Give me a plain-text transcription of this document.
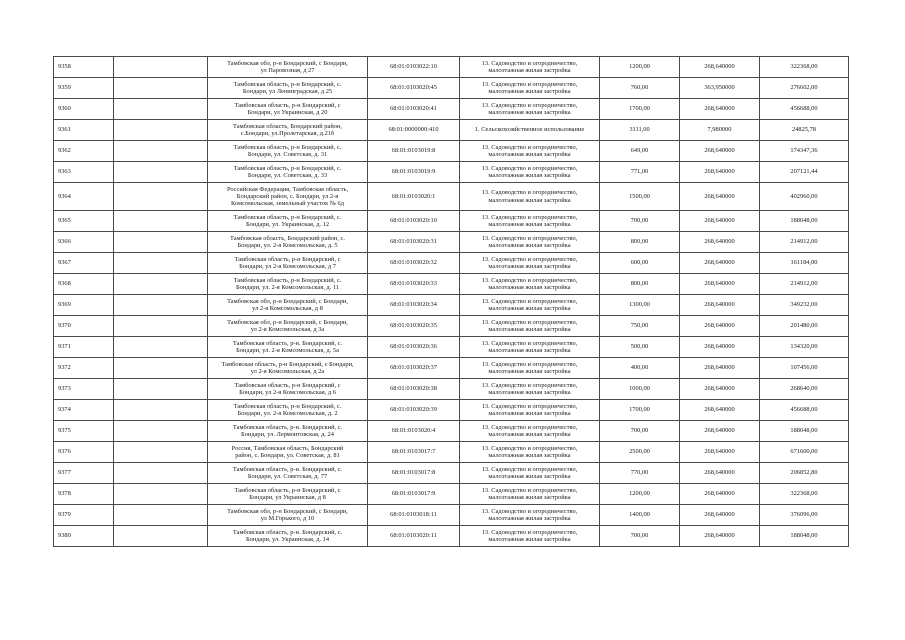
9358		Тамбовская обл, р-н Бондарский, с Бондари,
ул Паровозная, д 27	68:01:0103022:10	13. Садоводство и огородничество,
малоэтажная жилая застройка	1200,00	268,640000	322368,00
9359		Тамбовская область, р-н Бондарский, с.
Бондари, ул Ленинградская, д 25	68:01:0103020:45	13. Садоводство и огородничество,
малоэтажная жилая застройка	760,00	363,950000	276602,00
9360		Тамбовская область, р-н Бондарский, с
Бондари, ул Украинская, д 20	68:01:0103020:41	13. Садоводство и огородничество,
малоэтажная жилая застройка	1700,00	268,640000	456688,00
9361		Тамбовская область, Бондарский район,
с.Бондари, ул.Пролетарская, д.21б	68:01:0000000:410	1. Сельскохозяйственное использование	3111,00	7,980000	24825,78
9362		Тамбовская область, р-н Бондарский, с.
Бондари, ул. Советская, д. 31	68:01:0103019:8	13. Садоводство и огородничество,
малоэтажная жилая застройка	649,00	268,640000	174347,36
9363		Тамбовская область, р-н Бондарский, с.
Бондари, ул. Советская, д. 33	68:01:0103019:9	13. Садоводство и огородничество,
малоэтажная жилая застройка	771,00	268,640000	207121,44
9364		Российская Федерация, Тамбовская область,
Бондарский район, с. Бондари, ул 2-я
Комсомольская, земельный участок № 6д	68:01:0103020:1	13. Садоводство и огородничество,
малоэтажная жилая застройка	1500,00	268,640000	402960,00
9365		Тамбовская область, р-н Бондарский, с.
Бондари, ул. Украинская, д. 12	68:01:0103020:10	13. Садоводство и огородничество,
малоэтажная жилая застройка	700,00	268,640000	188048,00
9366		Тамбовская область, Бондарский район, с.
Бондари, ул. 2-я Комсомольская, д. 5	68:01:0103020:31	13. Садоводство и огородничество,
малоэтажная жилая застройка	800,00	268,640000	214912,00
9367		Тамбовская область, р-н Бондарский, с
Бондари, ул 2-я Комсомольская, д 7	68:01:0103020:32	13. Садоводство и огородничество,
малоэтажная жилая застройка	600,00	268,640000	161184,00
9368		Тамбовская область, р-н Бондарский, с.
Бондари, ул. 2-я Комсомольская, д. 11	68:01:0103020:33	13. Садоводство и огородничество,
малоэтажная жилая застройка	800,00	268,640000	214912,00
9369		Тамбовская обл, р-н Бондарский, с Бондари,
ул 2-я Комсомольская, д 8	68:01:0103020:34	13. Садоводство и огородничество,
малоэтажная жилая застройка	1300,00	268,640000	349232,00
9370		Тамбовская обл, р-н Бондарский, с Бондари,
ул 2-я Комсомольская, д 3а	68:01:0103020:35	13. Садоводство и огородничество,
малоэтажная жилая застройка	750,00	268,640000	201480,00
9371		Тамбовская область, р-н. Бондарский, с.
Бондари, ул. 2-я Комсомольская, д. 5а	68:01:0103020:36	13. Садоводство и огородничество,
малоэтажная жилая застройка	500,00	268,640000	134320,00
9372		Тамбовская область, р-н Бондарский, с Бондари,
ул 2-я Комсомольская, д 2а	68:01:0103020:37	13. Садоводство и огородничество,
малоэтажная жилая застройка	400,00	268,640000	107456,00
9373		Тамбовская область, р-н Бондарский, с
Бондари, ул 2-я Комсомольская, д 6	68:01:0103020:38	13. Садоводство и огородничество,
малоэтажная жилая застройка	1000,00	268,640000	268640,00
9374		Тамбовская область, р-н Бондарский, с.
Бондари, ул. 2-я Комсомольская, д. 2	68:01:0103020:39	13. Садоводство и огородничество,
малоэтажная жилая застройка	1700,00	268,640000	456688,00
9375		Тамбовская область, р-н. Бондарский, с.
Бондари, ул. Лермонтовская, д. 24	68:01:0103020:4	13. Садоводство и огородничество,
малоэтажная жилая застройка	700,00	268,640000	188048,00
9376		Россия, Тамбовская область, Бондарский
район, с. Бондари, ул. Советская, д. 81	68:01:0103017:7	13. Садоводство и огородничество,
малоэтажная жилая застройка	2500,00	268,640000	671600,00
9377		Тамбовская область, р-н. Бондарский, с.
Бондари, ул. Советская, д. 77	68:01:0103017:8	13. Садоводство и огородничество,
малоэтажная жилая застройка	770,00	268,640000	206852,80
9378		Тамбовская область, р-н Бондарский, с
Бондари, ул Украинская, д 8	68:01:0103017:9	13. Садоводство и огородничество,
малоэтажная жилая застройка	1200,00	268,640000	322368,00
9379		Тамбовская обл, р-н Бондарский, с Бондари,
ул М.Горького, д 10	68:01:0103018:11	13. Садоводство и огородничество,
малоэтажная жилая застройка	1400,00	268,640000	376096,00
9380		Тамбовская область, р-н. Бондарский, с.
Бондари, ул. Украинская, д. 14	68:01:0103020:11	13. Садоводство и огородничество,
малоэтажная жилая застройка	700,00	268,640000	188048,00
